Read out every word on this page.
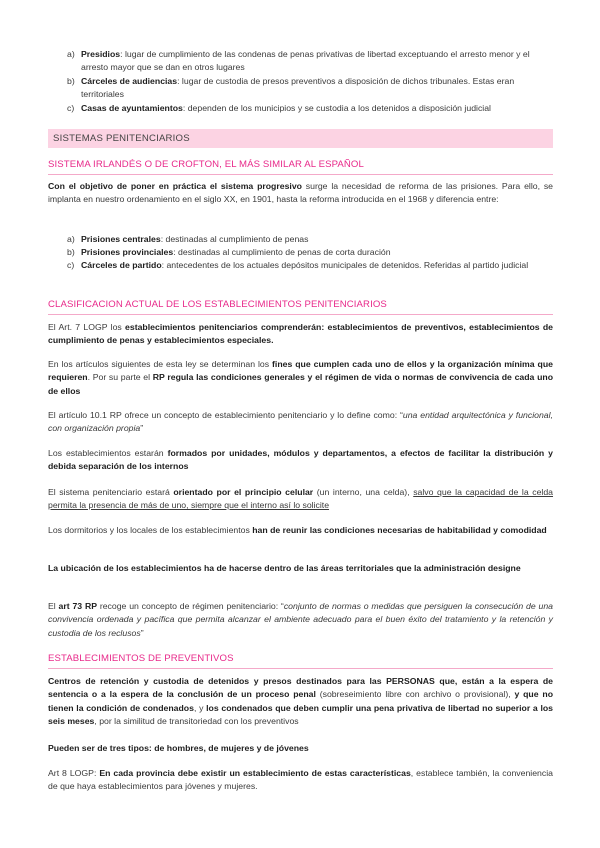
a) Presidios: lugar de cumplimiento de las condenas de penas privativas de libertad exceptuando el arresto menor y el arresto mayor que se dan en otros lugares
b) Cárceles de audiencias: lugar de custodia de presos preventivos a disposición de dichos tribunales. Estas eran territoriales
c) Casas de ayuntamientos: dependen de los municipios y se custodia a los detenidos a disposición judicial
SISTEMAS PENITENCIARIOS
SISTEMA IRLANDÉS O DE CROFTON, EL MÁS SIMILAR AL ESPAÑOL

Con el objetivo de poner en práctica el sistema progresivo surge la necesidad de reforma de las prisiones. Para ello, se implanta en nuestro ordenamiento en el siglo XX, en 1901, hasta la reforma introducida en el 1968 y diferencia entre:

a) Prisiones centrales: destinadas al cumplimiento de penas
b) Prisiones provinciales: destinadas al cumplimiento de penas de corta duración
c) Cárceles de partido: antecedentes de los actuales depósitos municipales de detenidos. Referidas al partido judicial
CLASIFICACION ACTUAL DE LOS ESTABLECIMIENTOS PENITENCIARIOS

El Art. 7 LOGP los establecimientos penitenciarios comprenderán: establecimientos de preventivos, establecimientos de cumplimiento de penas y establecimientos especiales.

En los artículos siguientes de esta ley se determinan los fines que cumplen cada uno de ellos y la organización mínima que requieren. Por su parte el RP regula las condiciones generales y el régimen de vida o normas de convivencia de cada uno de ellos

El artículo 10.1 RP ofrece un concepto de establecimiento penitenciario y lo define como: “una entidad arquitectónica y funcional, con organización propia”

Los establecimientos estarán formados por unidades, módulos y departamentos, a efectos de facilitar la distribución y debida separación de los internos

El sistema penitenciario estará orientado por el principio celular (un interno, una celda), salvo que la capacidad de la celda permita la presencia de más de uno, siempre que el interno así lo solicite

Los dormitorios y los locales de los establecimientos han de reunir las condiciones necesarias de habitabilidad y comodidad

La ubicación de los establecimientos ha de hacerse dentro de las áreas territoriales que la administración designe

El art 73 RP recoge un concepto de régimen penitenciario: “conjunto de normas o medidas que persiguen la consecución de una convivencia ordenada y pacífica que permita alcanzar el ambiente adecuado para el buen éxito del tratamiento y la retención y custodia de los reclusos”

ESTABLECIMIENTOS DE PREVENTIVOS

Centros de retención y custodia de detenidos y presos destinados para las PERSONAS que, están a la espera de sentencia o a la espera de la conclusión de un proceso penal (sobreseimiento libre con archivo o provisional), y que no tienen la condición de condenados, y los condenados que deben cumplir una pena privativa de libertad no superior a los seis meses, por la similitud de transitoriedad con los preventivos

Pueden ser de tres tipos: de hombres, de mujeres y de jóvenes

Art 8 LOGP: En cada provincia debe existir un establecimiento de estas características, establece también, la conveniencia de que haya establecimientos para jóvenes y mujeres.
